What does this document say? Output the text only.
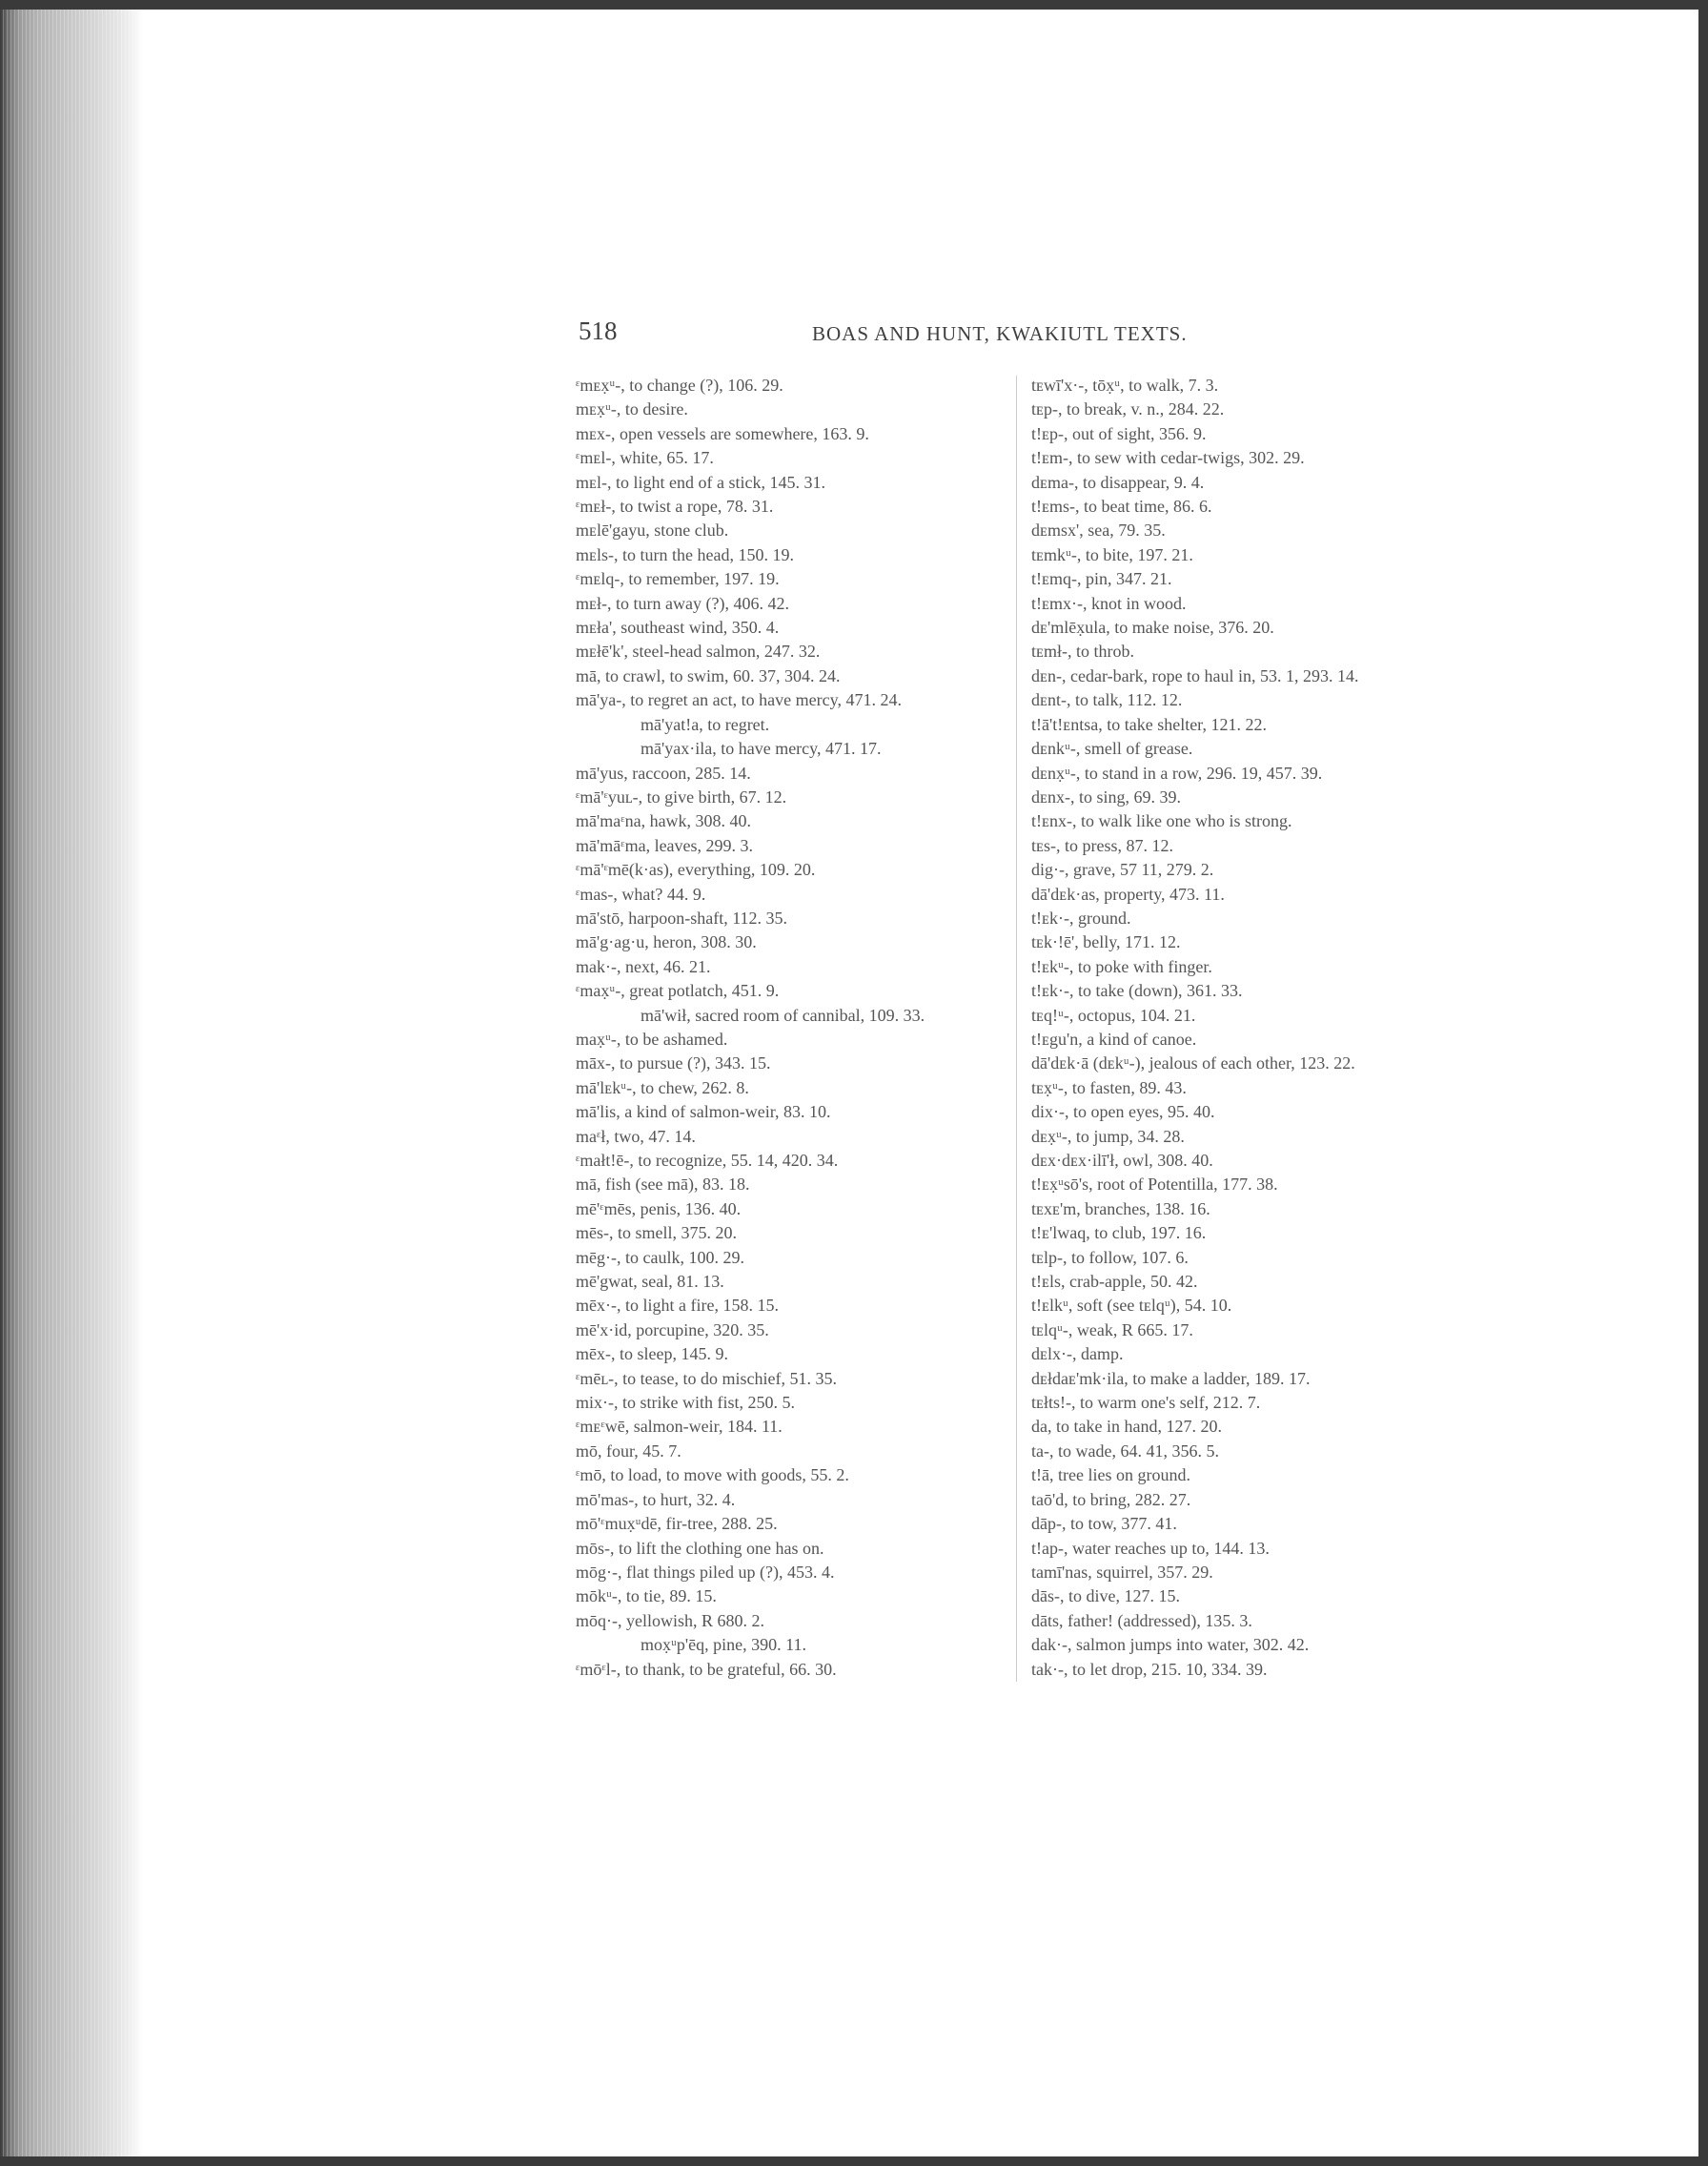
518	BOAS AND HUNT, KWAKIUTL TEXTS.
ᵋmᴇx̣ᵘ-, to change (?), 106. 29.
mᴇx̣ᵘ-, to desire.
mᴇx-, open vessels are somewhere, 163. 9.
ᵋmᴇl-, white, 65. 17.
mᴇl-, to light end of a stick, 145. 31.
ᵋmᴇł-, to twist a rope, 78. 31.
mᴇlē'gayu, stone club.
mᴇls-, to turn the head, 150. 19.
ᵋmᴇlq-, to remember, 197. 19.
mᴇł-, to turn away (?), 406. 42.
mᴇła', southeast wind, 350. 4.
mᴇłē'k', steel-head salmon, 247. 32.
mā, to crawl, to swim, 60. 37, 304. 24.
mā'ya-, to regret an act, to have mercy, 471. 24.
mā'yat!a, to regret.
mā'yax·ila, to have mercy, 471. 17.
mā'yus, raccoon, 285. 14.
ᵋmā'ᵋyuʟ-, to give birth, 67. 12.
mā'maᵋna, hawk, 308. 40.
mā'māᵋma, leaves, 299. 3.
ᵋmā'ᵋmē(k·as), everything, 109. 20.
ᵋmas-, what? 44. 9.
mā'stō, harpoon-shaft, 112. 35.
mā'g·ag·u, heron, 308. 30.
mak·-, next, 46. 21.
ᵋmax̣ᵘ-, great potlatch, 451. 9.
mā'wił, sacred room of cannibal, 109. 33.
max̣ᵘ-, to be ashamed.
māx-, to pursue (?), 343. 15.
mā'lᴇkᵘ-, to chew, 262. 8.
mā'lis, a kind of salmon-weir, 83. 10.
maᵋł, two, 47. 14.
ᵋmałt!ē-, to recognize, 55. 14, 420. 34.
mā, fish (see mā), 83. 18.
mē'ᵋmēs, penis, 136. 40.
mēs-, to smell, 375. 20.
mēg·-, to caulk, 100. 29.
mē'gwat, seal, 81. 13.
mēx·-, to light a fire, 158. 15.
mē'x·id, porcupine, 320. 35.
mēx-, to sleep, 145. 9.
ᵋmēʟ-, to tease, to do mischief, 51. 35.
mix·-, to strike with fist, 250. 5.
ᵋmᴇᵋwē, salmon-weir, 184. 11.
mō, four, 45. 7.
ᵋmō, to load, to move with goods, 55. 2.
mō'mas-, to hurt, 32. 4.
mō'ᵋmux̣ᵘdē, fir-tree, 288. 25.
mōs-, to lift the clothing one has on.
mōg·-, flat things piled up (?), 453. 4.
mōkᵘ-, to tie, 89. 15.
mōq·-, yellowish, R 680. 2.
mox̣ᵘp'ēq, pine, 390. 11.
ᵋmōᵋl-, to thank, to be grateful, 66. 30.
tᴇwī'x·-, tōx̣ᵘ, to walk, 7. 3.
tᴇp-, to break, v. n., 284. 22.
t!ᴇp-, out of sight, 356. 9.
t!ᴇm-, to sew with cedar-twigs, 302. 29.
dᴇma-, to disappear, 9. 4.
t!ᴇms-, to beat time, 86. 6.
dᴇmsx', sea, 79. 35.
tᴇmkᵘ-, to bite, 197. 21.
t!ᴇmq-, pin, 347. 21.
t!ᴇmx·-, knot in wood.
dᴇ'mlēx̣ula, to make noise, 376. 20.
tᴇmł-, to throb.
dᴇn-, cedar-bark, rope to haul in, 53. 1, 293. 14.
dᴇnt-, to talk, 112. 12.
t!ā't!ᴇntsa, to take shelter, 121. 22.
dᴇnkᵘ-, smell of grease.
dᴇnx̣ᵘ-, to stand in a row, 296. 19, 457. 39.
dᴇnx-, to sing, 69. 39.
t!ᴇnx-, to walk like one who is strong.
tᴇs-, to press, 87. 12.
dig·-, grave, 57 11, 279. 2.
dā'dᴇk·as, property, 473. 11.
t!ᴇk·-, ground.
tᴇk·!ē', belly, 171. 12.
t!ᴇkᵘ-, to poke with finger.
t!ᴇk·-, to take (down), 361. 33.
tᴇq!ᵘ-, octopus, 104. 21.
t!ᴇgu'n, a kind of canoe.
dā'dᴇk·ā (dᴇkᵘ-), jealous of each other, 123. 22.
tᴇx̣ᵘ-, to fasten, 89. 43.
dix·-, to open eyes, 95. 40.
dᴇx̣ᵘ-, to jump, 34. 28.
dᴇx·dᴇx·ilī'ł, owl, 308. 40.
t!ᴇx̣ᵘsō's, root of Potentilla, 177. 38.
tᴇxᴇ'm, branches, 138. 16.
t!ᴇ'lwaq, to club, 197. 16.
tᴇlp-, to follow, 107. 6.
t!ᴇls, crab-apple, 50. 42.
t!ᴇlkᵘ, soft (see tᴇlqᵘ), 54. 10.
tᴇlqᵘ-, weak, R 665. 17.
dᴇlx·-, damp.
dᴇłdaᴇ'mk·ila, to make a ladder, 189. 17.
tᴇłts!-, to warm one's self, 212. 7.
da, to take in hand, 127. 20.
ta-, to wade, 64. 41, 356. 5.
t!ā, tree lies on ground.
taō'd, to bring, 282. 27.
dāp-, to tow, 377. 41.
t!ap-, water reaches up to, 144. 13.
tamī'nas, squirrel, 357. 29.
dās-, to dive, 127. 15.
dāts, father! (addressed), 135. 3.
dak·-, salmon jumps into water, 302. 42.
tak·-, to let drop, 215. 10, 334. 39.
